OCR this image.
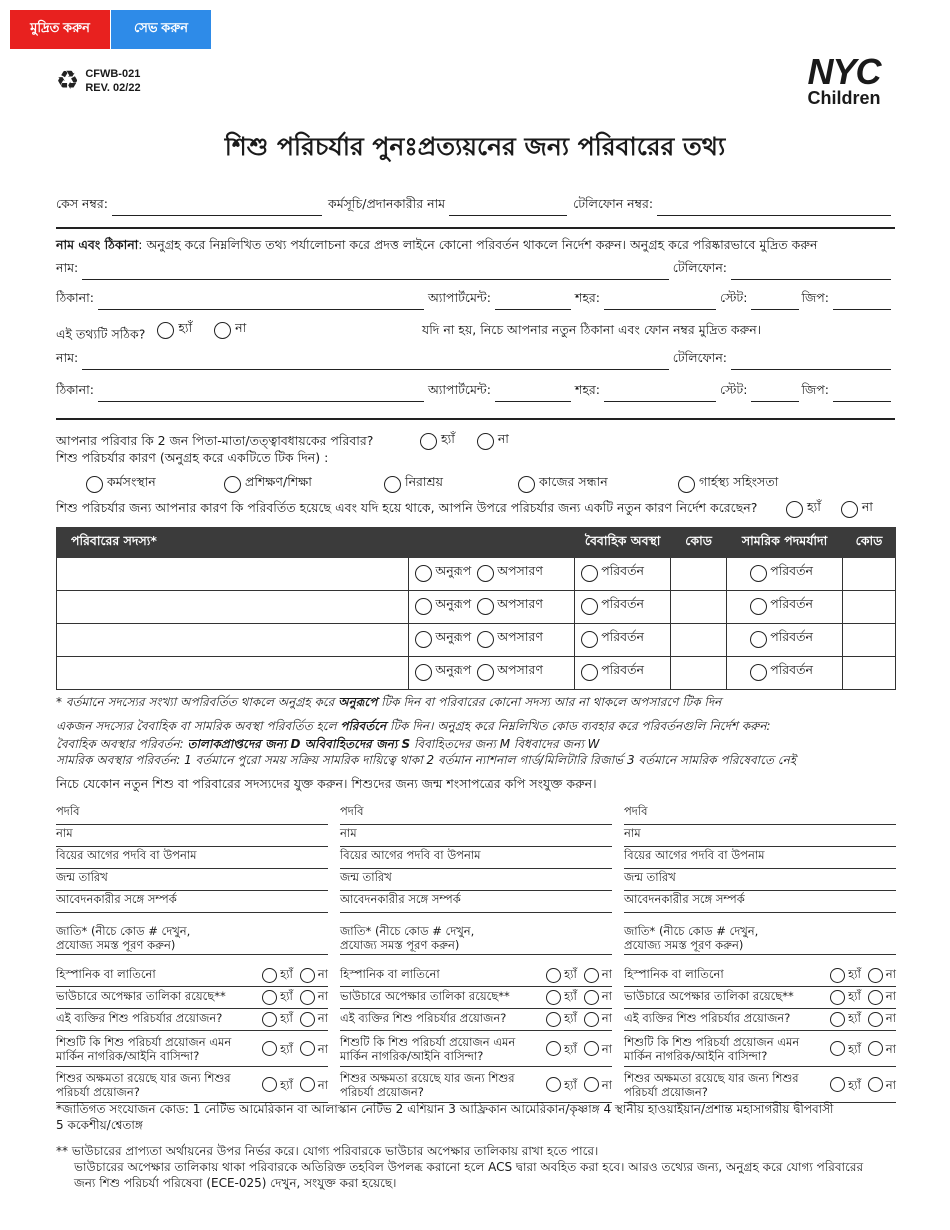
মুদ্রিত করুন	সেভ করুন
♻ CFWB-021
REV. 02/22	NYC
Children
শিশু পরিচর্যার পুনঃপ্রত্যয়নের জন্য পরিবারের তথ্য
কেস নম্বর:	কর্মসূচি/প্রদানকারীর নাম	টেলিফোন নম্বর:
নাম এবং ঠিকানা: অনুগ্রহ করে নিম্নলিখিত তথ্য পর্যালোচনা করে প্রদত্ত লাইনে কোনো পরিবর্তন থাকলে নির্দেশ করুন। অনুগ্রহ করে পরিষ্কারভাবে মুদ্রিত করুন
নাম:	টেলিফোন:
ঠিকানা:	অ্যাপার্টমেন্ট:	শহর:	স্টেট:	জিপ:
এই তথ্যটি সঠিক?	হ্যাঁ
	না	যদি না হয়, নিচে আপনার নতুন ঠিকানা এবং ফোন নম্বর মুদ্রিত করুন।
নাম:	টেলিফোন:
ঠিকানা:	অ্যাপার্টমেন্ট:	শহর:	স্টেট:	জিপ:
আপনার পরিবার কি 2 জন পিতা-মাতা/তত্ত্বাবধায়কের পরিবার?	হ্যাঁ
	না
শিশু পরিচর্যার কারণ (অনুগ্রহ করে একটিতে টিক দিন) :
কর্মসংস্থান	প্রশিক্ষণ/শিক্ষা	নিরাশ্রয়	কাজের সন্ধান	গার্হস্থ্য সহিংসতা
শিশু পরিচর্যার জন্য আপনার কারণ কি পরিবর্তিত হয়েছে এবং যদি হয়ে থাকে, আপনি উপরে পরিচর্যার জন্য একটি নতুন কারণ নির্দেশ করেছেন?	হ্যাঁ
	না
পরিবারের সদস্য*		বৈবাহিক অবস্থা	কোড	সামরিক পদমর্যাদা	কোড

	অনুরূপ অপসারণ	পরিবর্তন		পরিবর্তন	

	অনুরূপ অপসারণ	পরিবর্তন		পরিবর্তন	

	অনুরূপ অপসারণ	পরিবর্তন		পরিবর্তন	

	অনুরূপ অপসারণ	পরিবর্তন		পরিবর্তন	

* বর্তমানে সদস্যের সংখ্যা অপরিবর্তিত থাকলে অনুগ্রহ করে অনুরূপে টিক দিন বা পরিবারের কোনো সদস্য আর না থাকলে অপসারণে টিক দিন
একজন সদস্যের বৈবাহিক বা সামরিক অবস্থা পরিবর্তিত হলে পরিবর্তনে টিক দিন। অনুগ্রহ করে নিম্নলিখিত কোড ব্যবহার করে পরিবর্তনগুলি নির্দেশ করুন:
বৈবাহিক অবস্থার পরিবর্তন: তালাকপ্রাপ্তদের জন্য D অবিবাহিতদের জন্য S বিবাহিতদের জন্য M বিধবাদের জন্য W
সামরিক অবস্থার পরিবর্তন: 1 বর্তমানে পুরো সময় সক্রিয় সামরিক দায়িত্বে থাকা 2 বর্তমান ন্যাশনাল গার্ড/মিলিটারি রিজার্ভ 3 বর্তমানে সামরিক পরিষেবাতে নেই
নিচে যেকোন নতুন শিশু বা পরিবারের সদস্যদের যুক্ত করুন। শিশুদের জন্য জন্ম শংসাপত্রের কপি সংযুক্ত করুন।
পদবি
নাম
বিয়ের আগের পদবি বা উপনাম
জন্ম তারিখ
আবেদনকারীর সঙ্গে সম্পর্ক
জাতি* (নীচে কোড # দেখুন,
প্রযোজ্য সমস্ত পূরণ করুন)
হিস্পানিক বা লাতিনো	হ্যাঁ না
ভাউচারে অপেক্ষার তালিকা রয়েছে**	হ্যাঁ না
এই ব্যক্তির শিশু পরিচর্যার প্রয়োজন?	হ্যাঁ না
শিশুটি কি শিশু পরিচর্যা প্রয়োজন এমন
মার্কিন নাগরিক/আইনি বাসিন্দা?	হ্যাঁ না
শিশুর অক্ষমতা রয়েছে যার জন্য শিশুর
পরিচর্যা প্রয়োজন?	হ্যাঁ না
পদবি
নাম
বিয়ের আগের পদবি বা উপনাম
জন্ম তারিখ
আবেদনকারীর সঙ্গে সম্পর্ক
জাতি* (নীচে কোড # দেখুন,
প্রযোজ্য সমস্ত পূরণ করুন)
হিস্পানিক বা লাতিনো	হ্যাঁ না
ভাউচারে অপেক্ষার তালিকা রয়েছে**	হ্যাঁ না
এই ব্যক্তির শিশু পরিচর্যার প্রয়োজন?	হ্যাঁ না
শিশুটি কি শিশু পরিচর্যা প্রয়োজন এমন
মার্কিন নাগরিক/আইনি বাসিন্দা?	হ্যাঁ না
শিশুর অক্ষমতা রয়েছে যার জন্য শিশুর
পরিচর্যা প্রয়োজন?	হ্যাঁ না
পদবি
নাম
বিয়ের আগের পদবি বা উপনাম
জন্ম তারিখ
আবেদনকারীর সঙ্গে সম্পর্ক
জাতি* (নীচে কোড # দেখুন,
প্রযোজ্য সমস্ত পূরণ করুন)
হিস্পানিক বা লাতিনো	হ্যাঁ না
ভাউচারে অপেক্ষার তালিকা রয়েছে**	হ্যাঁ না
এই ব্যক্তির শিশু পরিচর্যার প্রয়োজন?	হ্যাঁ না
শিশুটি কি শিশু পরিচর্যা প্রয়োজন এমন
মার্কিন নাগরিক/আইনি বাসিন্দা?	হ্যাঁ না
শিশুর অক্ষমতা রয়েছে যার জন্য শিশুর
পরিচর্যা প্রয়োজন?	হ্যাঁ না
*জাতিগত সংযোজন কোড: 1 নেটিভ আমেরিকান বা আলাস্কান নেটিভ 2 এশিয়ান 3 আফ্রিকান আমেরিকান/কৃষ্ণাঙ্গ 4 স্থানীয় হাওয়াইয়ান/প্রশান্ত মহাসাগরীয় দ্বীপবাসী
5 ককেশীয়/শ্বেতাঙ্গ
** ভাউচারের প্রাপ্যতা অর্থায়নের উপর নির্ভর করে। যোগ্য পরিবারকে ভাউচার অপেক্ষার তালিকায় রাখা হতে পারে।
ভাউচারের অপেক্ষার তালিকায় থাকা পরিবারকে অতিরিক্ত তহবিল উপলব্ধ করানো হলে ACS দ্বারা অবহিত করা হবে। আরও তথ্যের জন্য, অনুগ্রহ করে যোগ্য পরিবারের
জন্য শিশু পরিচর্যা পরিষেবা (ECE-025) দেখুন, সংযুক্ত করা হয়েছে।
